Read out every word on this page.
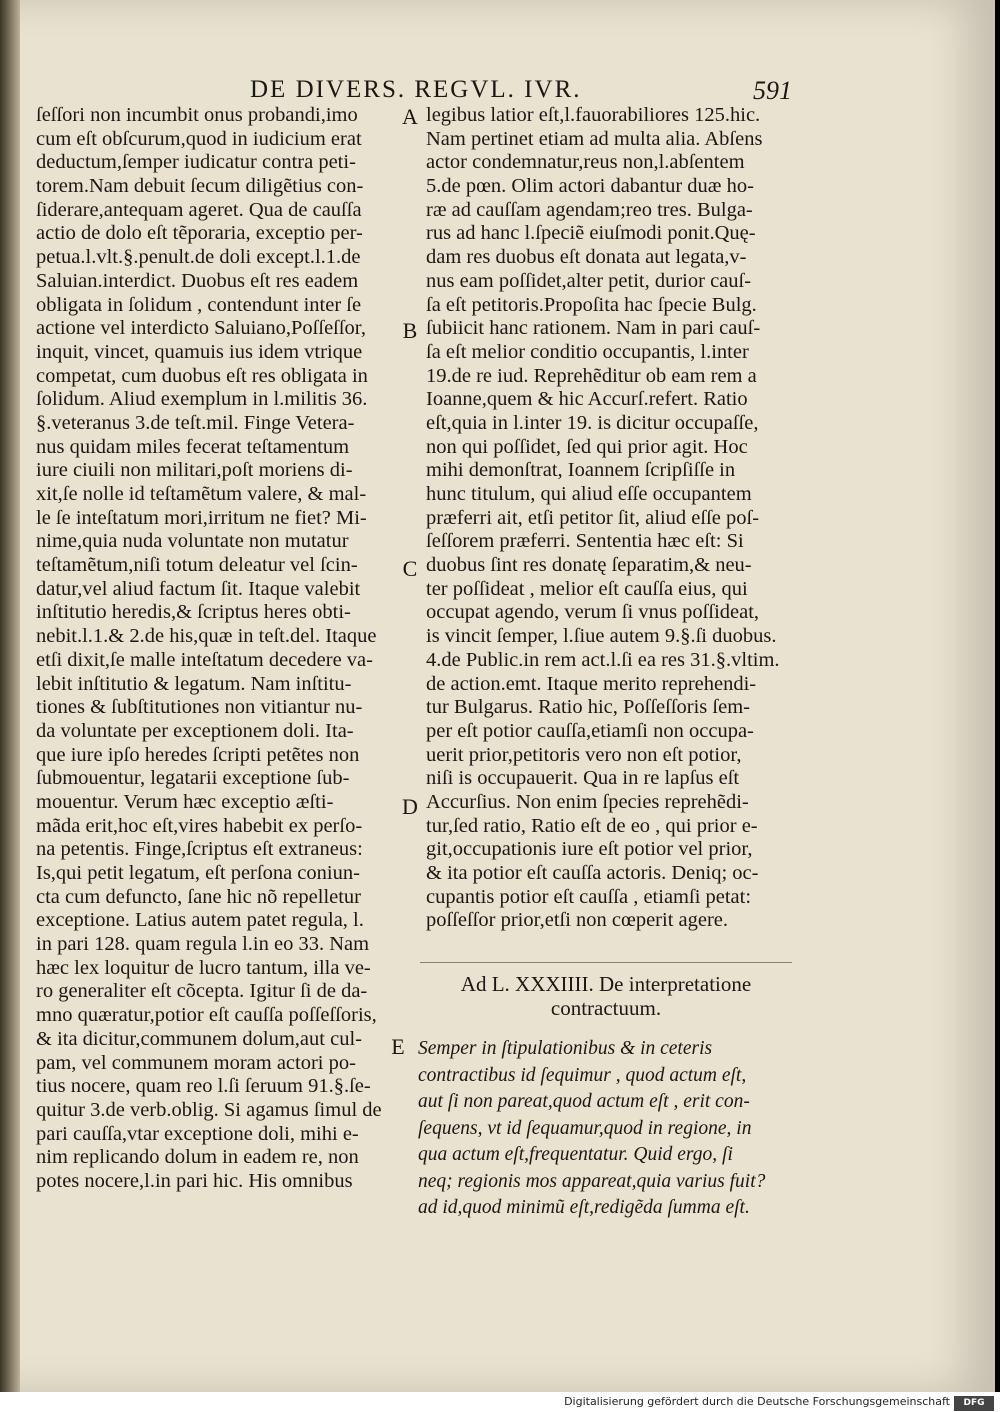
DE DIVERS. REGVL. IVR.	591
ſeſſori non incumbit onus probandi,imo
cum eſt obſcurum,quod in iudicium erat
deductum,ſemper iudicatur contra peti-
torem.Nam debuit ſecum diligẽtius con-
ſiderare,antequam ageret. Qua de cauſſa
actio de dolo eſt tẽporaria, exceptio per-
petua.l.vlt.§.penult.de doli except.l.1.de
Saluian.interdict. Duobus eſt res eadem
obligata in ſolidum , contendunt inter ſe
actione vel interdicto Saluiano,Poſſeſſor,
inquit, vincet, quamuis ius idem vtrique
competat, cum duobus eſt res obligata in
ſolidum. Aliud exemplum in l.militis 36.
§.veteranus 3.de teſt.mil. Finge Vetera-
nus quidam miles fecerat teſtamentum
iure ciuili non militari,poſt moriens di-
xit,ſe nolle id teſtamẽtum valere, & mal-
le ſe inteſtatum mori,irritum ne fiet? Mi-
nime,quia nuda voluntate non mutatur
teſtamẽtum,niſi totum deleatur vel ſcin-
datur,vel aliud factum ſit. Itaque valebit
inſtitutio heredis,& ſcriptus heres obti-
nebit.l.1.& 2.de his,quæ in teſt.del. Itaque
etſi dixit,ſe malle inteſtatum decedere va-
lebit inſtitutio & legatum. Nam inſtitu-
tiones & ſubſtitutiones non vitiantur nu-
da voluntate per exceptionem doli. Ita-
que iure ipſo heredes ſcripti petẽtes non
ſubmouentur, legatarii exceptione ſub-
mouentur. Verum hæc exceptio æſti-
mãda erit,hoc eſt,vires habebit ex perſo-
na petentis. Finge,ſcriptus eſt extraneus:
Is,qui petit legatum, eſt perſona coniun-
cta cum defuncto, ſane hic nõ repelletur
exceptione. Latius autem patet regula, l.
in pari 128. quam regula l.in eo 33. Nam
hæc lex loquitur de lucro tantum, illa ve-
ro generaliter eſt cõcepta. Igitur ſi de da-
mno quæratur,potior eſt cauſſa poſſeſſoris,
& ita dicitur,communem dolum,aut cul-
pam, vel communem moram actori po-
tius nocere, quam reo l.ſi ſeruum 91.§.ſe-
quitur 3.de verb.oblig. Si agamus ſimul de
pari cauſſa,vtar exceptione doli, mihi e-
nim replicando dolum in eadem re, non
potes nocere,l.in pari hic. His omnibus
legibus latior eſt,l.fauorabiliores 125.hic.
Nam pertinet etiam ad multa alia. Abſens
actor condemnatur,reus non,l.abſentem
5.de pœn. Olim actori dabantur duæ ho-
ræ ad cauſſam agendam;reo tres. Bulga-
rus ad hanc l.ſpeciẽ eiuſmodi ponit.Quę-
dam res duobus eſt donata aut legata,v-
nus eam poſſidet,alter petit, durior cauſ-
ſa eſt petitoris.Propoſita hac ſpecie Bulg.
ſubiicit hanc rationem. Nam in pari cauſ-
ſa eſt melior conditio occupantis, l.inter
19.de re iud. Reprehẽditur ob eam rem a
Ioanne,quem & hic Accurſ.refert. Ratio
eſt,quia in l.inter 19. is dicitur occupaſſe,
non qui poſſidet, ſed qui prior agit. Hoc
mihi demonſtrat, Ioannem ſcripſiſſe in
hunc titulum, qui aliud eſſe occupantem
præferri ait, etſi petitor ſit, aliud eſſe poſ-
ſeſſorem præferri. Sententia hæc eſt: Si
duobus ſint res donatę ſeparatim,& neu-
ter poſſideat , melior eſt cauſſa eius, qui
occupat agendo, verum ſi vnus poſſideat,
is vincit ſemper, l.ſiue autem 9.§.ſi duobus.
4.de Public.in rem act.l.ſi ea res 31.§.vltim.
de action.emt. Itaque merito reprehendi-
tur Bulgarus. Ratio hic, Poſſeſſoris ſem-
per eſt potior cauſſa,etiamſi non occupa-
uerit prior,petitoris vero non eſt potior,
niſi is occupauerit. Qua in re lapſus eſt
Accurſius. Non enim ſpecies reprehẽdi-
tur,ſed ratio, Ratio eſt de eo , qui prior e-
git,occupationis iure eſt potior vel prior,
& ita potior eſt cauſſa actoris. Deniq; oc-
cupantis potior eſt cauſſa , etiamſi petat:
poſſeſſor prior,etſi non cœperit agere.
A
B
C
D
E
Ad L. XXXIIII. De interpretatione
contractuum.
Semper in ſtipulationibus & in ceteris
contractibus id ſequimur , quod actum eſt,
aut ſi non pareat,quod actum eſt , erit con-
ſequens, vt id ſequamur,quod in regione, in
qua actum eſt,frequentatur. Quid ergo, ſi
neq; regionis mos appareat,quia varius fuit?
ad id,quod minimũ eſt,redigẽda ſumma eſt.
Digitalisierung gefördert durch die Deutsche Forschungsgemeinschaft	DFG
